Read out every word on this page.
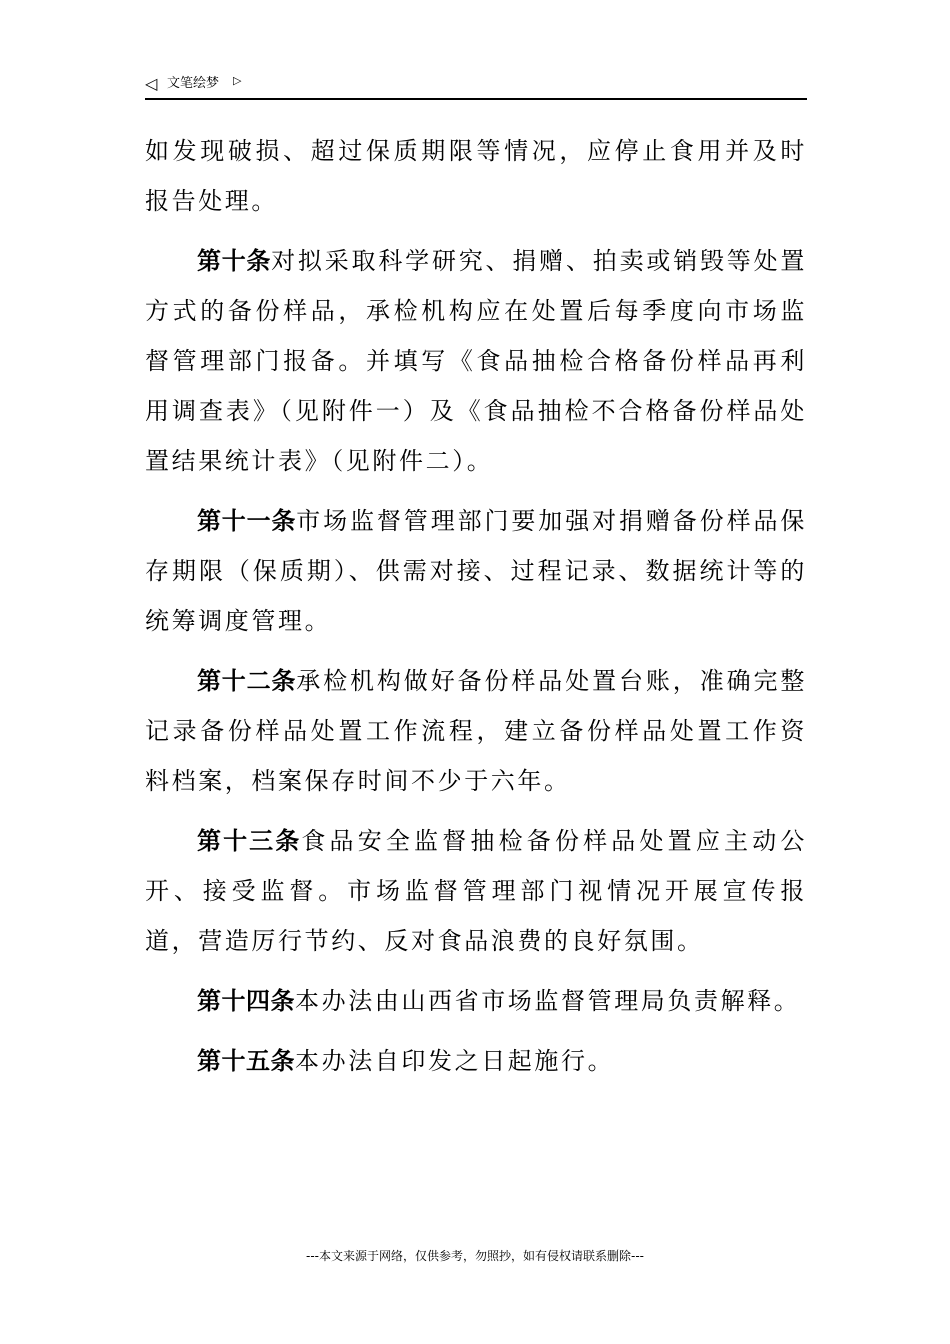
◁ 文笔绘梦 ▷

如发现破损、超过保质期限等情况，应停止食用并及时报告处理。

第十条对拟采取科学研究、捐赠、拍卖或销毁等处置方式的备份样品，承检机构应在处置后每季度向市场监督管理部门报备。并填写《食品抽检合格备份样品再利用调查表》（见附件一）及《食品抽检不合格备份样品处置结果统计表》（见附件二）。

第十一条市场监督管理部门要加强对捐赠备份样品保存期限（保质期）、供需对接、过程记录、数据统计等的统筹调度管理。

第十二条承检机构做好备份样品处置台账，准确完整记录备份样品处置工作流程，建立备份样品处置工作资料档案，档案保存时间不少于六年。

第十三条食品安全监督抽检备份样品处置应主动公开、接受监督。市场监督管理部门视情况开展宣传报道，营造厉行节约、反对食品浪费的良好氛围。

第十四条本办法由山西省市场监督管理局负责解释。

第十五条本办法自印发之日起施行。

---本文来源于网络，仅供参考，勿照抄，如有侵权请联系删除---
